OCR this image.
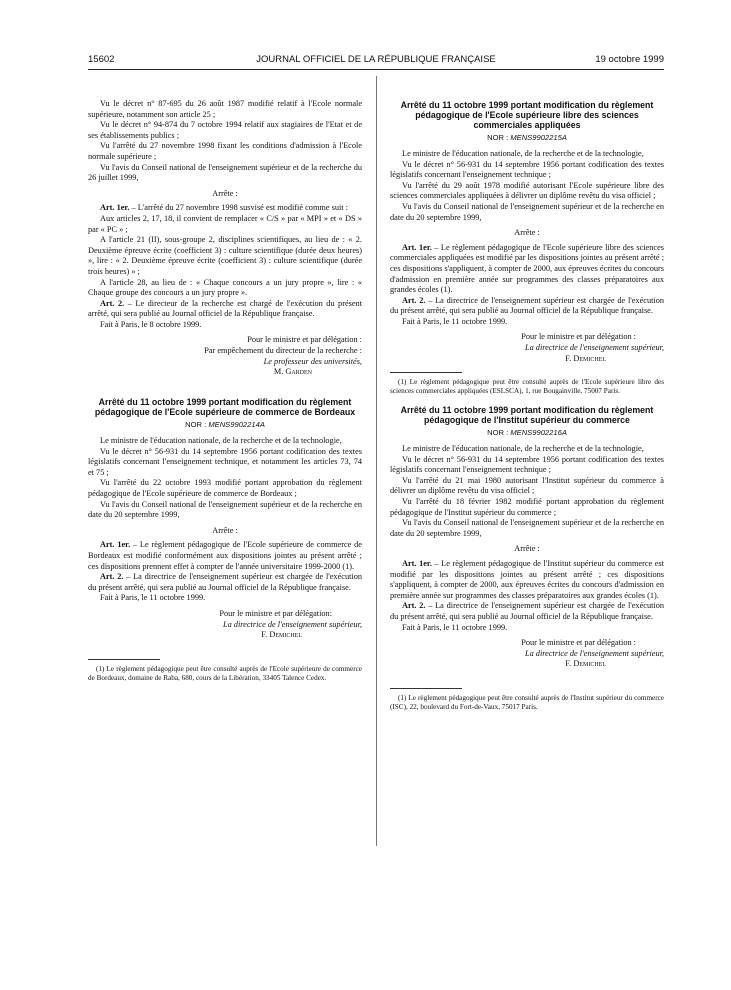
15602	JOURNAL OFFICIEL DE LA RÉPUBLIQUE FRANÇAISE	19 octobre 1999

Vu le décret n° 87-695 du 26 août 1987 modifié relatif à l'Ecole normale supérieure, notamment son article 25 ;

Vu le décret n° 94-874 du 7 octobre 1994 relatif aux stagiaires de l'Etat et de ses établissements publics ;

Vu l'arrêté du 27 novembre 1998 fixant les conditions d'admission à l'Ecole normale supérieure ;

Vu l'avis du Conseil national de l'enseignement supérieur et de la recherche du 26 juillet 1999,

Arrête :

Art. 1er. – L'arrêté du 27 novembre 1998 susvisé est modifié comme suit :

Aux articles 2, 17, 18, il convient de remplacer « C/S » par « MPI » et « DS » par « PC » ;

A l'article 21 (II), sous-groupe 2, disciplines scientifiques, au lieu de : « 2. Deuxième épreuve écrite (coefficient 3) : culture scientifique (durée deux heures) », lire : « 2. Deuxième épreuve écrite (coefficient 3) : culture scientifique (durée trois heures) » ;

A l'article 28, au lieu de : « Chaque concours a un jury propre », lire : « Chaque groupe des concours a un jury propre ».

Art. 2. – Le directeur de la recherche est chargé de l'exécution du présent arrêté, qui sera publié au Journal officiel de la République française.

Fait à Paris, le 8 octobre 1999.

Pour le ministre et par délégation :

Par empêchement du directeur de la recherche :

Le professeur des universités,

M. Garden

Arrêté du 11 octobre 1999 portant modification du règlement pédagogique de l'Ecole supérieure de commerce de Bordeaux

NOR : MENS9902214A

Le ministre de l'éducation nationale, de la recherche et de la technologie,

Vu le décret n° 56-931 du 14 septembre 1956 portant codification des textes législatifs concernant l'enseignement technique, et notamment les articles 73, 74 et 75 ;

Vu l'arrêté du 22 octobre 1993 modifié portant approbation du règlement pédagogique de l'Ecole supérieure de commerce de Bordeaux ;

Vu l'avis du Conseil national de l'enseignement supérieur et de la recherche en date du 20 septembre 1999,

Arrête :

Art. 1er. – Le règlement pédagogique de l'Ecole supérieure de commerce de Bordeaux est modifié conformément aux dispositions jointes au présent arrêté ; ces dispositions prennent effet à compter de l'année universitaire 1999-2000 (1).

Art. 2. – La directrice de l'enseignement supérieur est chargée de l'exécution du présent arrêté, qui sera publié au Journal officiel de la République française.

Fait à Paris, le 11 octobre 1999.

Pour le ministre et par délégation:

La directrice de l'enseignement supérieur,

F. Demichel

(1) Le règlement pédagogique peut être consulté auprès de l'Ecole supérieure de commerce de Bordeaux, domaine de Raba, 680, cours de la Libération, 33405 Talence Cedex.

Arrêté du 11 octobre 1999 portant modification du règlement pédagogique de l'Ecole supérieure libre des sciences commerciales appliquées

NOR : MENS9902215A

Le ministre de l'éducation nationale, de la recherche et de la technologie,

Vu le décret n° 56-931 du 14 septembre 1956 portant codification des textes législatifs concernant l'enseignement technique ;

Vu l'arrêté du 29 août 1978 modifié autorisant l'Ecole supérieure libre des sciences commerciales appliquées à délivrer un diplôme revêtu du visa officiel ;

Vu l'avis du Conseil national de l'enseignement supérieur et de la recherche en date du 20 septembre 1999,

Arrête :

Art. 1er. – Le règlement pédagogique de l'Ecole supérieure libre des sciences commerciales appliquées est modifié par les dispositions jointes au présent arrêté ; ces dispositions s'appliquent, à compter de 2000, aux épreuves écrites du concours d'admission en première année sur programmes des classes préparatoires aux grandes écoles (1).

Art. 2. – La directrice de l'enseignement supérieur est chargée de l'exécution du présent arrêté, qui sera publié au Journal officiel de la République française.

Fait à Paris, le 11 octobre 1999.

Pour le ministre et par délégation :

La directrice de l'enseignement supérieur,

F. Demichel

(1) Le règlement pédagogique peut être consulté auprès de l'Ecole supérieure libre des sciences commerciales appliquées (ESLSCA), 1, rue Bougainville, 75007 Paris.

Arrêté du 11 octobre 1999 portant modification du règlement pédagogique de l'Institut supérieur du commerce

NOR : MENS9902216A

Le ministre de l'éducation nationale, de la recherche et de la technologie,

Vu le décret n° 56-931 du 14 septembre 1956 portant codification des textes législatifs concernant l'enseignement technique ;

Vu l'arrêté du 21 mai 1980 autorisant l'Institut supérieur du commerce à délivrer un diplôme revêtu du visa officiel ;

Vu l'arrêté du 18 février 1982 modifié portant approbation du règlement pédagogique de l'Institut supérieur du commerce ;

Vu l'avis du Conseil national de l'enseignement supérieur et de la recherche en date du 20 septembre 1999,

Arrête :

Art. 1er. – Le règlement pédagogique de l'Institut supérieur du commerce est modifié par les dispositions jointes au présent arrêté ; ces dispositions s'appliquent, à compter de 2000, aux épreuves écrites du concours d'admission en première année sur programmes des classes préparatoires aux grandes écoles (1).

Art. 2. – La directrice de l'enseignement supérieur est chargée de l'exécution du présent arrêté, qui sera publié au Journal officiel de la République française.

Fait à Paris, le 11 octobre 1999.

Pour le ministre et par délégation :

La directrice de l'enseignement supérieur,

F. Demichel

(1) Le règlement pédagogique peut être consulté auprès de l'Institut supérieur du commerce (ISC), 22, boulevard du Fort-de-Vaux, 75017 Paris.
